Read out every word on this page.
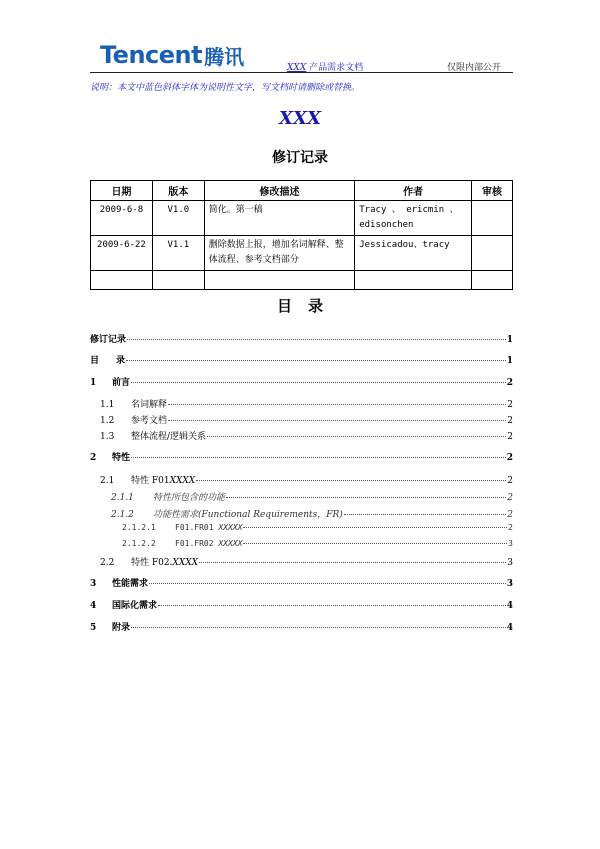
Tencent 腾讯	XXX 产品需求文档	仅限内部公开
说明：本文中蓝色斜体字体为说明性文字，写文档时请删除或替换。
XXX
修订记录
日期	版本	修改描述	作者	审核
2009-6-8	V1.0	简化。第一稿	Tracy 、 ericmin 、 edisonchen	
2009-6-22	V1.1	删除数据上报，增加名词解释、整体流程、参考文档部分	Jessicadou、tracy	

目录
修订记录	1
目	录	1
1	前言	2
1.1	名词解释	2
1.2	参考文档	2
1.3	整体流程/逻辑关系	2
2	特性	2
2.1	特性 F01XXXX	2
2.1.1	特性所包含的功能	2
2.1.2	功能性需求(Functional Requirements，FR)	2
2.1.2.1	F01.FR01 XXXXX	2
2.1.2.2	F01.FR02 XXXXX	3
2.2	特性 F02.XXXX	3
3	性能需求	3
4	国际化需求	4
5	附录	4
